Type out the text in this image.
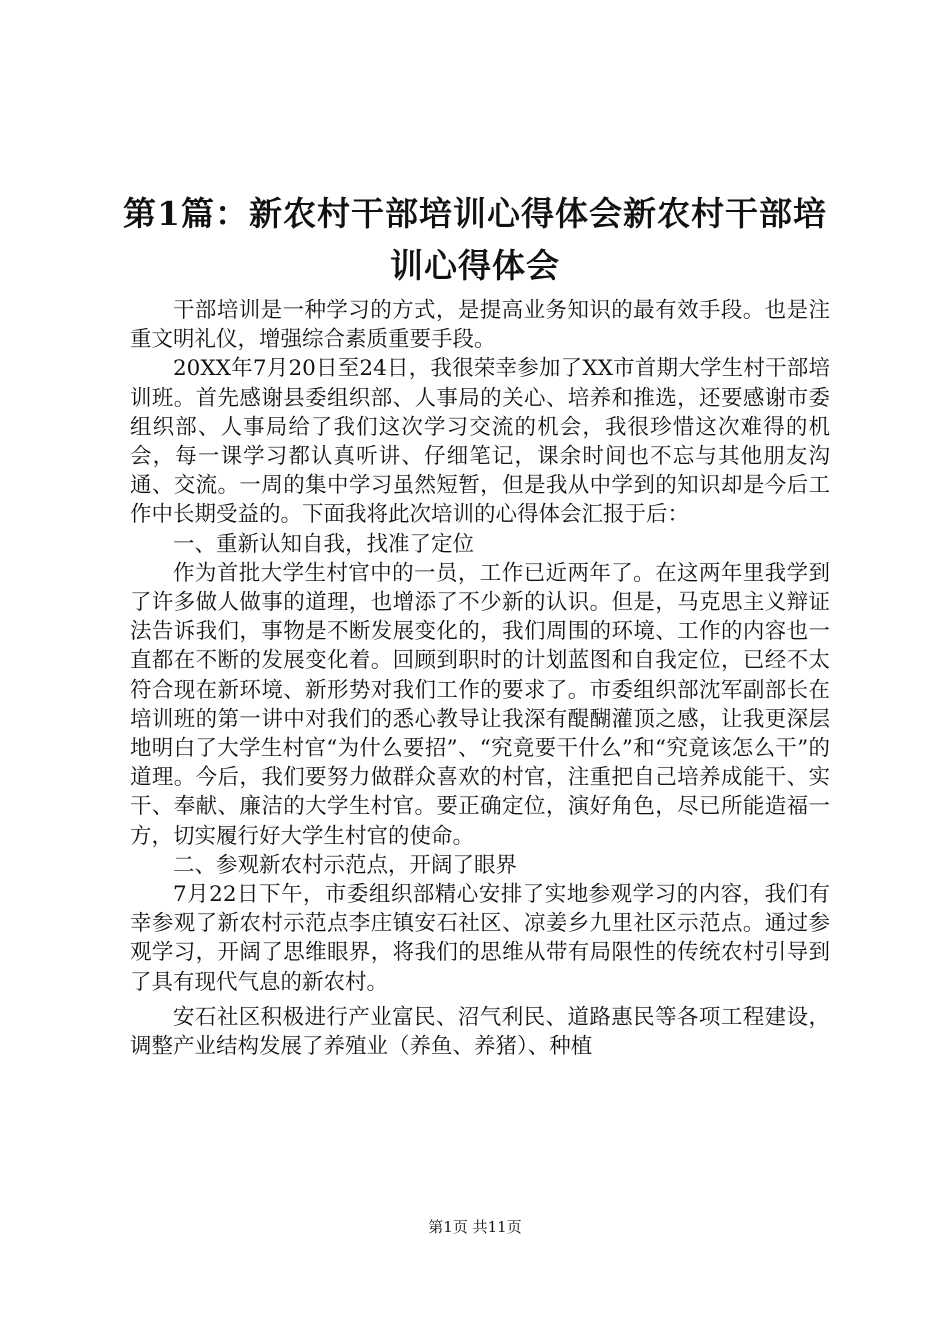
第1篇：新农村干部培训心得体会新农村干部培训心得体会

干部培训是一种学习的方式，是提高业务知识的最有效手段。也是注重文明礼仪，增强综合素质重要手段。

20XX年7月20日至24日，我很荣幸参加了XX市首期大学生村干部培训班。首先感谢县委组织部、人事局的关心、培养和推选，还要感谢市委组织部、人事局给了我们这次学习交流的机会，我很珍惜这次难得的机会，每一课学习都认真听讲、仔细笔记，课余时间也不忘与其他朋友沟通、交流。一周的集中学习虽然短暂，但是我从中学到的知识却是今后工作中长期受益的。下面我将此次培训的心得体会汇报于后：

一、重新认知自我，找准了定位

作为首批大学生村官中的一员，工作已近两年了。在这两年里我学到了许多做人做事的道理，也增添了不少新的认识。但是，马克思主义辩证法告诉我们，事物是不断发展变化的，我们周围的环境、工作的内容也一直都在不断的发展变化着。回顾到职时的计划蓝图和自我定位，已经不太符合现在新环境、新形势对我们工作的要求了。市委组织部沈军副部长在培训班的第一讲中对我们的悉心教导让我深有醍醐灌顶之感，让我更深层地明白了大学生村官“为什么要招”、“究竟要干什么”和“究竟该怎么干”的道理。今后，我们要努力做群众喜欢的村官，注重把自己培养成能干、实干、奉献、廉洁的大学生村官。要正确定位，演好角色，尽已所能造福一方，切实履行好大学生村官的使命。

二、参观新农村示范点，开阔了眼界

7月22日下午，市委组织部精心安排了实地参观学习的内容，我们有幸参观了新农村示范点李庄镇安石社区、凉姜乡九里社区示范点。通过参观学习，开阔了思维眼界，将我们的思维从带有局限性的传统农村引导到了具有现代气息的新农村。

安石社区积极进行产业富民、沼气利民、道路惠民等各项工程建设，调整产业结构发展了养殖业（养鱼、养猪）、种植

第1页 共11页
